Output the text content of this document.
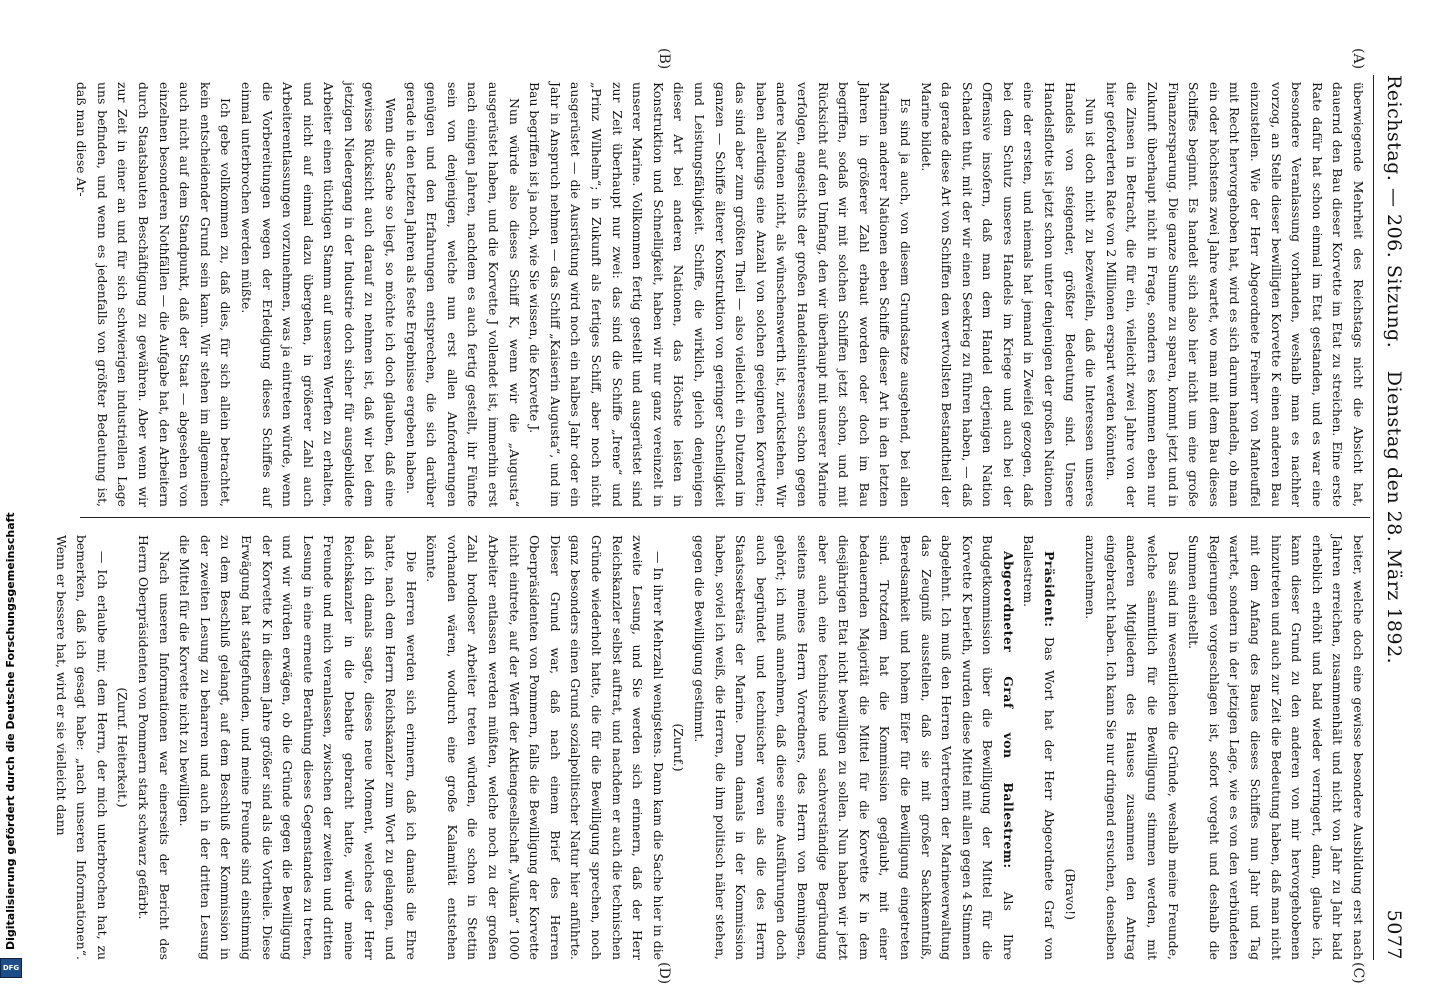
Reichstag. — 206. Sitzung.
Dienstag den 28. März 1892.
5077
(A)
(B)
(C)
(D)

überwiegende Mehrheit des Reichstags nicht die Absicht hat, dauernd den Bau dieser Korvette im Etat zu streichen. Eine erste Rate dafür hat schon einmal im Etat gestanden, und es war eine besondere Veranlassung vorhanden, weshalb man es nachher vorzog, an Stelle dieser bewilligten Korvette K einen anderen Bau einzustellen. Wie der Herr Abgeordnete Freiherr von Manteuffel mit Recht hervorgehoben hat, wird es sich darum handeln, ob man ein oder höchstens zwei Jahre wartet, wo man mit dem Bau dieses Schiffes beginnt. Es handelt sich also hier nicht um eine große Finanzersparung. Die ganze Summe zu sparen, kommt jetzt und in Zukunft überhaupt nicht in Frage, sondern es kommen eben nur die Zinsen in Betracht, die für ein, vielleicht zwei Jahre von der hier geforderten Rate von 2 Millionen erspart werden könnten.

Nun ist doch nicht zu bezweifeln, daß die Interessen unseres Handels von steigender, größter Bedeutung sind. Unsere Handelsflotte ist jetzt schon unter denjenigen der großen Nationen eine der ersten, und niemals hat jemand in Zweifel gezogen, daß bei dem Schutz unseres Handels im Kriege und auch bei der Offensive insofern, daß man dem Handel derjenigen Nation Schaden thut, mit der wir einen Seekrieg zu führen haben, — daß da gerade diese Art von Schiffen den wertvollsten Bestandtheil der Marine bildet.

Es sind ja auch, von diesem Grundsatze ausgehend, bei allen Marinen anderer Nationen eben Schiffe dieser Art in den letzten Jahren in größerer Zahl erbaut worden oder doch im Bau begriffen, sodaß wir mit solchen Schiffen jetzt schon, und mit Rücksicht auf den Umfang, den wir überhaupt mit unserer Marine verfolgen, angesichts der großen Handelsinteressen schon gegen andere Nationen nicht, als wünschenswerth ist, zurückstehen. Wir haben allerdings eine Anzahl von solchen geeigneten Korvetten; das sind aber zum größten Theil — also vielleicht ein Dutzend im ganzen — Schiffe älterer Konstruktion von geringer Schnelligkeit und Leistungsfähigkeit. Schiffe, die wirklich, gleich denjenigen dieser Art bei anderen Nationen, das Höchste leisten in Konstruktion und Schnelligkeit, haben wir nur ganz vereinzelt in unserer Marine. Vollkommen fertig gestellt und ausgerüstet sind zur Zeit überhaupt nur zwei: das sind die Schiffe „Irene“ und „Prinz Wilhelm“; in Zukunft als fertiges Schiff, aber noch nicht ausgerüstet — die Ausrüstung wird noch ein halbes Jahr oder ein Jahr in Anspruch nehmen — das Schiff „Kaiserin Augusta“, und im Bau begriffen ist ja noch, wie Sie wissen, die Korvette J.

Nun würde also dieses Schiff K, wenn wir die „Augusta“ ausgerüstet haben, und die Korvette J vollendet ist, immerhin erst nach einigen Jahren, nachdem es auch fertig gestellt, ihr Fünfte sein von denjenigen, welche nun erst allen Anforderungen genügen und den Erfahrungen entsprechen, die sich darüber gerade in den letzten Jahren als feste Ergebnisse ergeben haben.

Wenn die Sache so liegt, so möchte ich doch glauben, daß eine gewisse Rücksicht auch darauf zu nehmen ist, daß wir bei dem jetzigen Niedergang in der Industrie doch sicher für ausgebildete Arbeiter einen tüchtigen Stamm auf unseren Werften zu erhalten, und nicht auf einmal dazu übergehen, in größerer Zahl auch Arbeiterentlassungen vorzunehmen, was ja eintreten würde, wenn die Vorbereitungen wegen der Erledigung dieses Schiffes auf einmal unterbrochen werden müßte.

Ich gebe vollkommen zu, daß dies, für sich allein betrachtet, kein entscheidender Grund sein kann. Wir stehen im allgemeinen auch nicht auf dem Standpunkt, daß der Staat — abgesehen von einzelnen besonderen Nothfällen — die Aufgabe hat, den Arbeitern durch Staatsbauten Beschäftigung zu gewähren. Aber wenn wir zur Zeit in einer an und für sich schwierigen industriellen Lage uns befinden, und wenn es jedenfalls von größter Bedeutung ist, daß man diese Ar-

beiter, welche doch eine gewisse besondere Ausbildung erst nach Jahren erreichen, zusammenhält und nicht von Jahr zu Jahr bald erheblich erhöht und bald wieder verringert, dann, glaube ich, kann dieser Grund zu den anderen von mir hervorgehobenen hinzutreten und auch zur Zeit die Bedeutung haben, daß man nicht mit dem Anfang des Baues dieses Schiffes nun Jahr und Tag wartet, sondern in der jetzigen Lage, wie es von den verbündeten Regierungen vorgeschlagen ist, sofort vorgeht und deshalb die Summen einstellt.

Das sind im wesentlichen die Gründe, weshalb meine Freunde, welche sämmtlich für die Bewilligung stimmen werden, mit anderen Mitgliedern des Hauses zusammen den Antrag eingebracht haben. Ich kann Sie nur dringend ersuchen, denselben anzunehmen.

(Bravo!)

Präsident: Das Wort hat der Herr Abgeordnete Graf von Ballestrem.

Abgeordneter Graf von Ballestrem: Als Ihre Budgetkommission über die Bewilligung der Mittel für die Korvette K berieth, wurden diese Mittel mit allen gegen 4 Stimmen abgelehnt. Ich muß den Herren Vertretern der Marineverwaltung das Zeugniß ausstellen, daß sie mit großer Sachkenntniß, Beredsamkeit und hohem Eifer für die Bewilligung eingetreten sind. Trotzdem hat die Kommission geglaubt, mit einer bedauernden Majorität die Mittel für die Korvette K in dem diesjährigen Etat nicht bewilligen zu sollen. Nun haben wir jetzt aber auch eine technische und sachverständige Begründung seitens meines Herrn Vorredners, des Herrn von Benningsen, gehört; ich muß annehmen, daß diese seine Ausführungen doch auch begründet und technischer waren als die des Herrn Staatssekretärs der Marine. Denn damals in der Kommission haben, soviel ich weiß, die Herren, die ihm politisch näher stehen, gegen die Bewilligung gestimmt.

(Zuruf.)

— In ihrer Mehrzahl wenigstens. Dann kam die Sache hier in die zweite Lesung, und Sie werden sich erinnern, daß der Herr Reichskanzler selbst auftrat, und nachdem er auch die technischen Gründe wiederholt hatte, die für die Bewilligung sprechen, noch ganz besonders einen Grund sozialpolitischer Natur hier anführte. Dieser Grund war, daß nach einem Brief des Herren Oberpräsidenten von Pommern, falls die Bewilligung der Korvette nicht eintrete, auf der Werft der Aktiengesellschaft „Vulkan“ 1000 Arbeiter entlassen werden müßten, welche noch zu der großen Zahl brodloser Arbeiter treten würden, die schon in Stettin vorhanden wären, wodurch eine große Kalamität entstehen könnte.

Die Herren werden sich erinnern, daß ich damals die Ehre hatte, nach dem Herrn Reichskanzler zum Wort zu gelangen, und daß ich damals sagte, dieses neue Moment, welches der Herr Reichskanzler in die Debatte gebracht hatte, würde meine Freunde und mich veranlassen, zwischen der zweiten und dritten Lesung in eine erneute Berathung dieses Gegenstandes zu treten, und wir würden erwägen, ob die Gründe gegen die Bewilligung der Korvette K in diesem Jahre größer sind als die Vortheile. Diese Erwägung hat stattgefunden, und meine Freunde sind einstimmig zu dem Beschluß gelangt, auf dem Beschluß der Kommission in der zweiten Lesung zu beharren und auch in der dritten Lesung die Mittel für die Korvette nicht zu bewilligen.

Nach unseren Informationen war einerseits der Bericht des Herrn Oberpräsidenten von Pommern stark schwarz gefärbt.

(Zuruf. Heiterkeit.)

— Ich erlaube mir, dem Herrn, der mich unterbrochen hat, zu bemerken, daß ich gesagt habe: „nach unseren Informationen“. Wenn er bessere hat, wird er sie vielleicht dann

DFG
Digitalisierung gefördert durch die Deutsche Forschungsgemeinschaft
